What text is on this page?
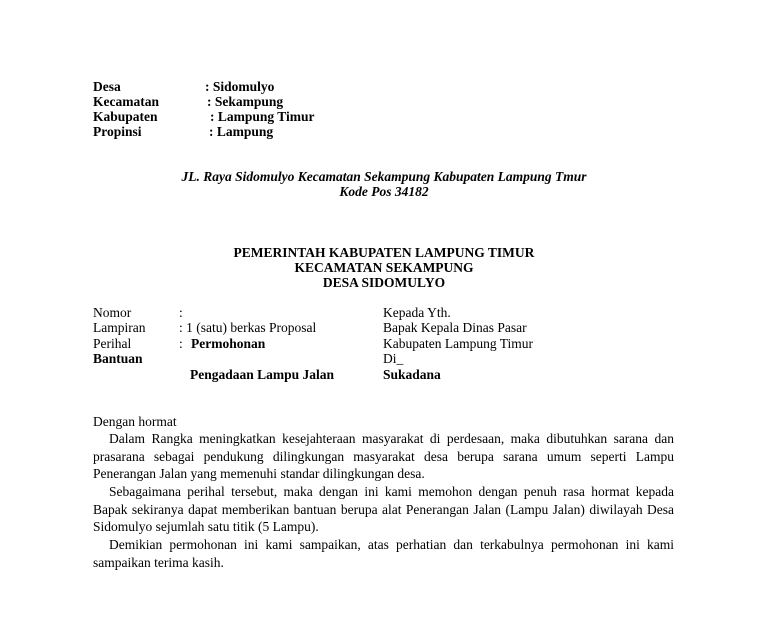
Desa	: Sidomulyo
Kecamatan	: Sekampung
Kabupaten	: Lampung Timur
Propinsi	: Lampung
JL. Raya Sidomulyo Kecamatan Sekampung Kabupaten Lampung Tmur
Kode Pos 34182
PEMERINTAH KABUPATEN LAMPUNG TIMUR
KECAMATAN SEKAMPUNG
DESA SIDOMULYO
Nomor	:
Lampiran : 1 (satu) berkas Proposal
Perihal	: Permohonan
Bantuan
Pengadaan Lampu Jalan
Kepada Yth.
Bapak Kepala Dinas Pasar
Kabupaten Lampung Timur
Di_
Sukadana
Dengan hormat

Dalam Rangka meningkatkan kesejahteraan masyarakat di perdesaan, maka dibutuhkan sarana dan prasarana sebagai pendukung dilingkungan masyarakat desa berupa sarana umum seperti Lampu Penerangan Jalan yang memenuhi standar dilingkungan desa.

Sebagaimana perihal tersebut, maka dengan ini kami memohon dengan penuh rasa hormat kepada Bapak sekiranya dapat memberikan bantuan berupa alat Penerangan Jalan (Lampu Jalan) diwilayah Desa Sidomulyo sejumlah satu titik (5 Lampu).

Demikian permohonan ini kami sampaikan, atas perhatian dan terkabulnya permohonan ini kami sampaikan terima kasih.
